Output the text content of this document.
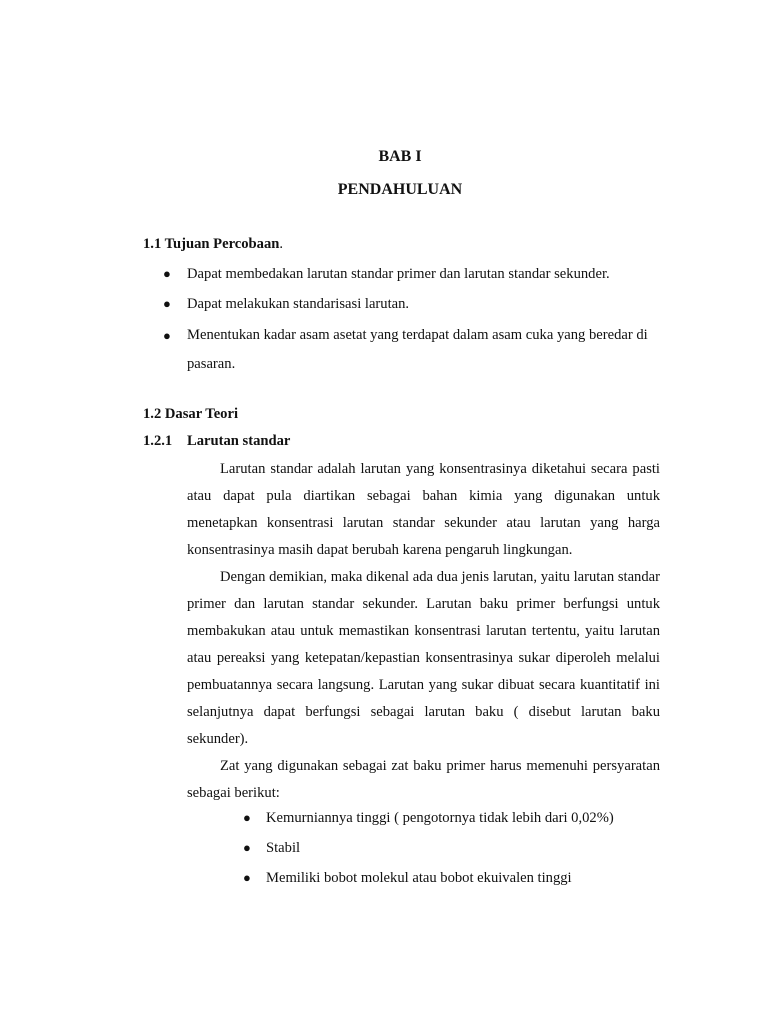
BAB I
PENDAHULUAN
1.1 Tujuan Percobaan.
● Dapat membedakan larutan standar primer dan larutan standar sekunder.
● Dapat melakukan standarisasi larutan.
● Menentukan kadar asam asetat yang terdapat dalam asam cuka yang beredar di pasaran.
1.2 Dasar Teori
1.2.1 Larutan standar

Larutan standar adalah larutan yang konsentrasinya diketahui secara pasti atau dapat pula diartikan sebagai bahan kimia yang digunakan untuk menetapkan konsentrasi larutan standar sekunder atau larutan yang harga konsentrasinya masih dapat berubah karena pengaruh lingkungan.

Dengan demikian, maka dikenal ada dua jenis larutan, yaitu larutan standar primer dan larutan standar sekunder. Larutan baku primer berfungsi untuk membakukan atau untuk memastikan konsentrasi larutan tertentu, yaitu larutan atau pereaksi yang ketepatan/kepastian konsentrasinya sukar diperoleh melalui pembuatannya secara langsung. Larutan yang sukar dibuat secara kuantitatif ini selanjutnya dapat berfungsi sebagai larutan baku ( disebut larutan baku sekunder).

Zat yang digunakan sebagai zat baku primer harus memenuhi persyaratan sebagai berikut:

● Kemurniannya tinggi ( pengotornya tidak lebih dari 0,02%)
● Stabil
● Memiliki bobot molekul atau bobot ekuivalen tinggi
